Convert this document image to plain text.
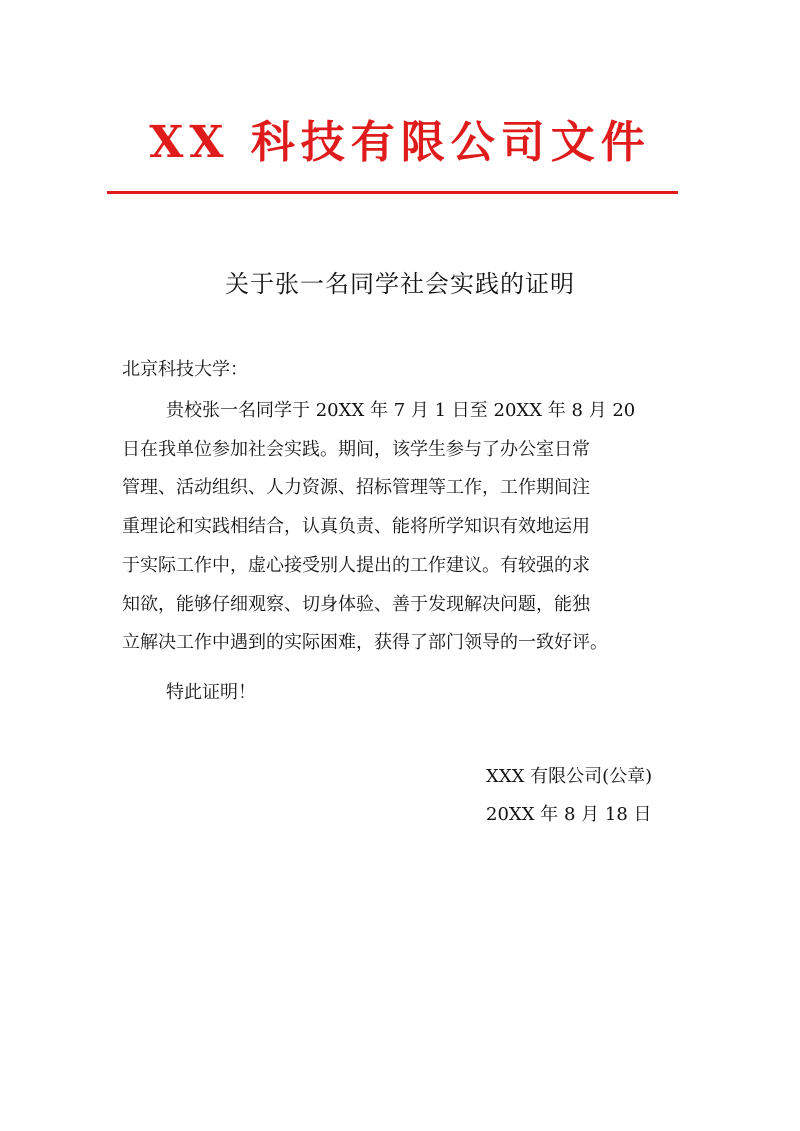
XX 科技有限公司文件
关于张一名同学社会实践的证明
北京科技大学：
贵校张一名同学于 20XX 年 7 月 1 日至 20XX 年 8 月 20
日在我单位参加社会实践。期间，该学生参与了办公室日常
管理、活动组织、人力资源、招标管理等工作，工作期间注
重理论和实践相结合，认真负责、能将所学知识有效地运用
于实际工作中，虚心接受别人提出的工作建议。有较强的求
知欲，能够仔细观察、切身体验、善于发现解决问题，能独
立解决工作中遇到的实际困难，获得了部门领导的一致好评。
特此证明！
XXX 有限公司(公章)
20XX 年 8 月 18 日
